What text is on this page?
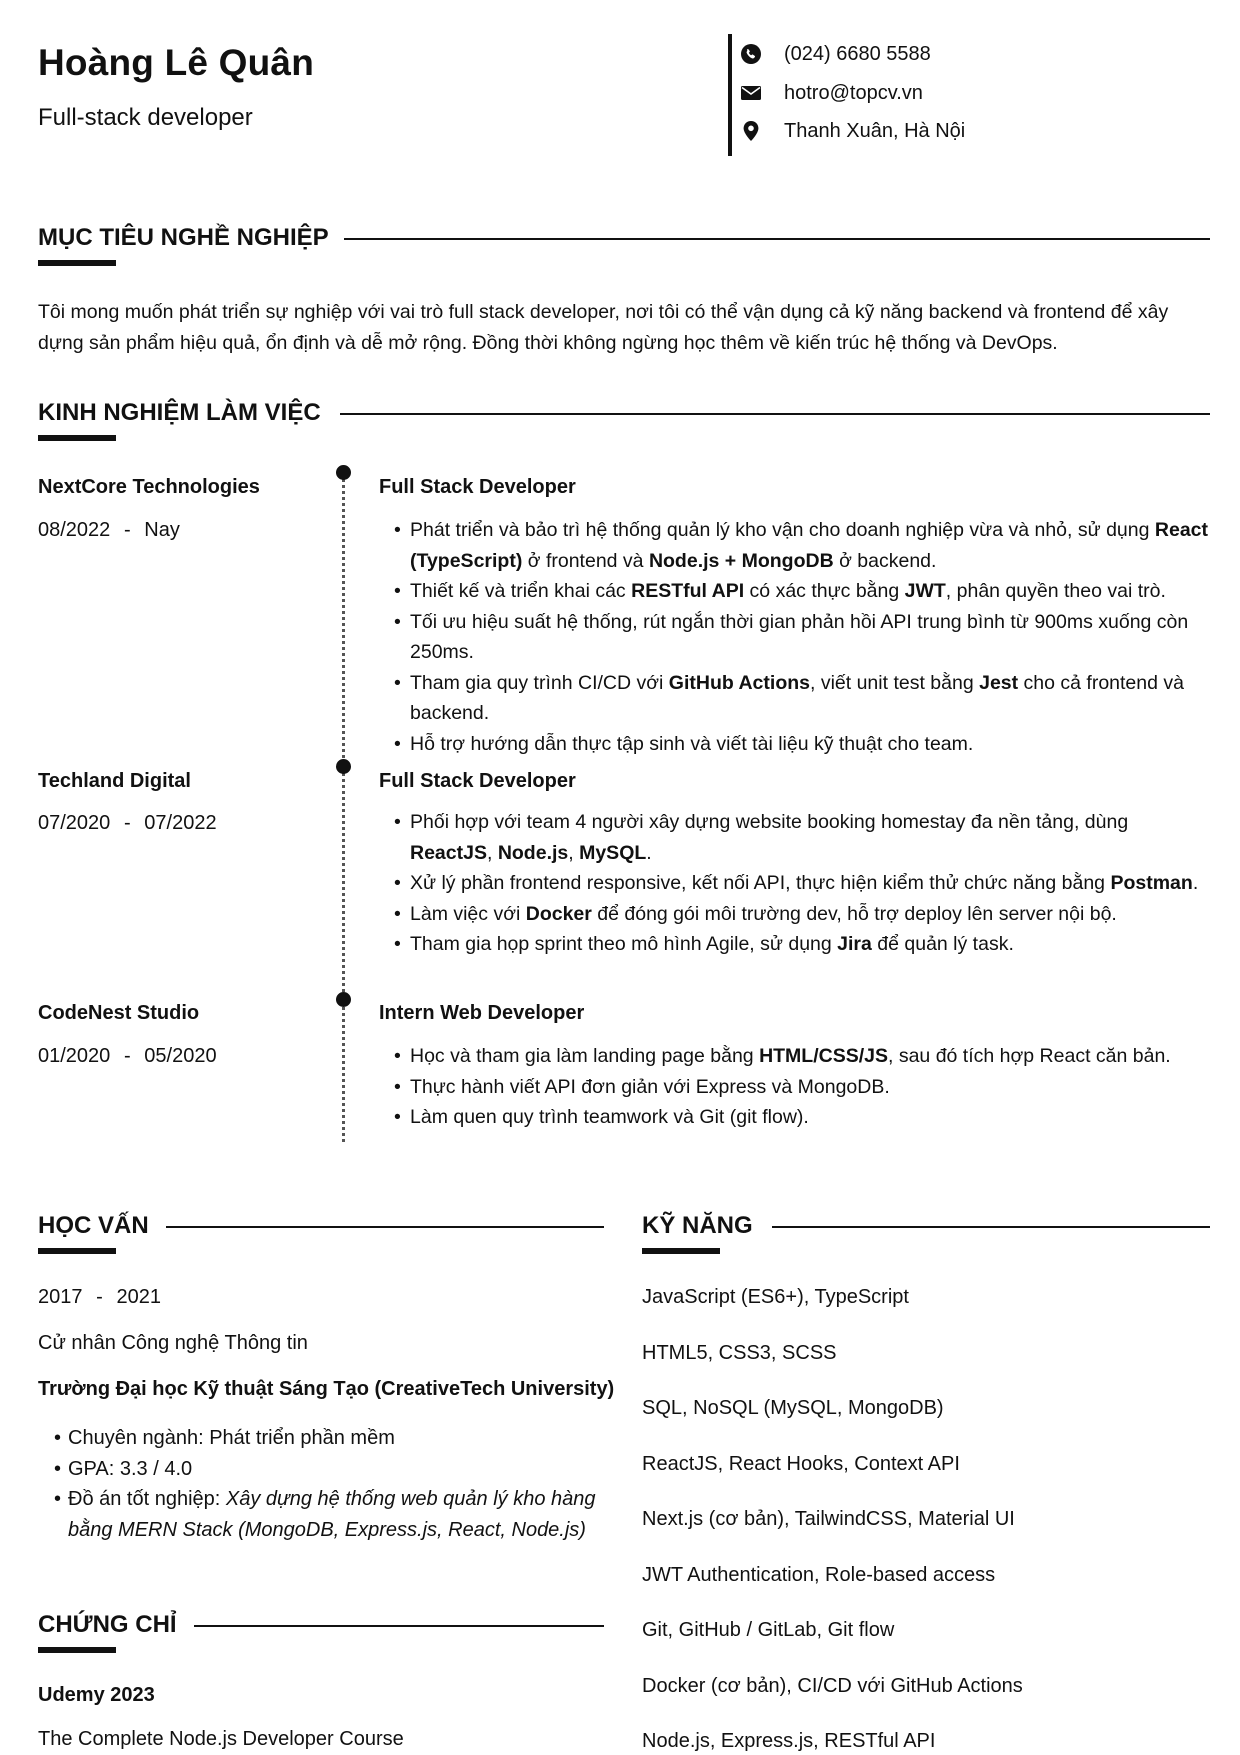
Hoàng Lê Quân
Full-stack developer
(024) 6680 5588
hotro@topcv.vn
Thanh Xuân, Hà Nội
MỤC TIÊU NGHỀ NGHIỆP
Tôi mong muốn phát triển sự nghiệp với vai trò full stack developer, nơi tôi có thể vận dụng cả kỹ năng backend và frontend để xây dựng sản phẩm hiệu quả, ổn định và dễ mở rộng. Đồng thời không ngừng học thêm về kiến trúc hệ thống và DevOps.
KINH NGHIỆM LÀM VIỆC
NextCore Technologies
08/2022 - Nay
Full Stack Developer
• Phát triển và bảo trì hệ thống quản lý kho vận cho doanh nghiệp vừa và nhỏ, sử dụng React (TypeScript) ở frontend và Node.js + MongoDB ở backend.
• Thiết kế và triển khai các RESTful API có xác thực bằng JWT, phân quyền theo vai trò.
• Tối ưu hiệu suất hệ thống, rút ngắn thời gian phản hồi API trung bình từ 900ms xuống còn 250ms.
• Tham gia quy trình CI/CD với GitHub Actions, viết unit test bằng Jest cho cả frontend và backend.
• Hỗ trợ hướng dẫn thực tập sinh và viết tài liệu kỹ thuật cho team.
Techland Digital
07/2020 - 07/2022
Full Stack Developer
• Phối hợp với team 4 người xây dựng website booking homestay đa nền tảng, dùng ReactJS, Node.js, MySQL.
• Xử lý phần frontend responsive, kết nối API, thực hiện kiểm thử chức năng bằng Postman.
• Làm việc với Docker để đóng gói môi trường dev, hỗ trợ deploy lên server nội bộ.
• Tham gia họp sprint theo mô hình Agile, sử dụng Jira để quản lý task.
CodeNest Studio
01/2020 - 05/2020
Intern Web Developer
• Học và tham gia làm landing page bằng HTML/CSS/JS, sau đó tích hợp React căn bản.
• Thực hành viết API đơn giản với Express và MongoDB.
• Làm quen quy trình teamwork và Git (git flow).
HỌC VẤN
2017 - 2021
Cử nhân Công nghệ Thông tin
Trường Đại học Kỹ thuật Sáng Tạo (CreativeTech University)
• Chuyên ngành: Phát triển phần mềm
• GPA: 3.3 / 4.0
• Đồ án tốt nghiệp: Xây dựng hệ thống web quản lý kho hàng bằng MERN Stack (MongoDB, Express.js, React, Node.js)
CHỨNG CHỈ
Udemy 2023
The Complete Node.js Developer Course
KỸ NĂNG
JavaScript (ES6+), TypeScript
HTML5, CSS3, SCSS
SQL, NoSQL (MySQL, MongoDB)
ReactJS, React Hooks, Context API
Next.js (cơ bản), TailwindCSS, Material UI
JWT Authentication, Role-based access
Git, GitHub / GitLab, Git flow
Docker (cơ bản), CI/CD với GitHub Actions
Node.js, Express.js, RESTful API
